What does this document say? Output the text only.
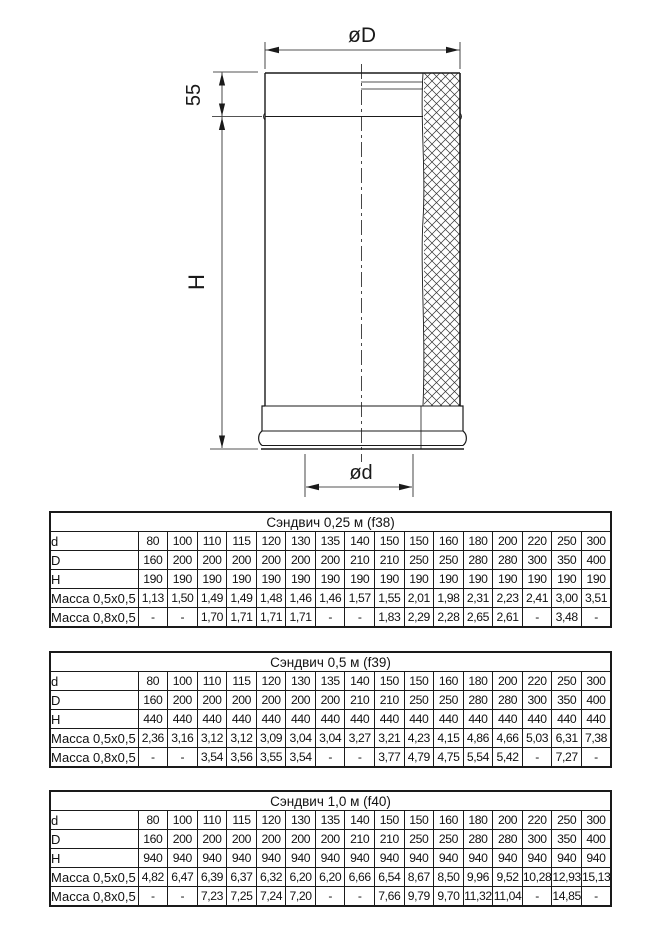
øD
55
H
ød
Сэндвич 0,25 м (f38)																
d	80	100	110	115	120	130	135	140	150	150	160	180	200	220	250	300
D	160	200	200	200	200	200	200	210	210	250	250	280	280	300	350	400
H	190	190	190	190	190	190	190	190	190	190	190	190	190	190	190	190
Масса 0,5x0,5	1,13	1,50	1,49	1,49	1,48	1,46	1,46	1,57	1,55	2,01	1,98	2,31	2,23	2,41	3,00	3,51
Масса 0,8x0,5	-	-	1,70	1,71	1,71	1,71	-	-	1,83	2,29	2,28	2,65	2,61	-	3,48	-
Сэндвич 0,5 м (f39)																
d	80	100	110	115	120	130	135	140	150	150	160	180	200	220	250	300
D	160	200	200	200	200	200	200	210	210	250	250	280	280	300	350	400
H	440	440	440	440	440	440	440	440	440	440	440	440	440	440	440	440
Масса 0,5x0,5	2,36	3,16	3,12	3,12	3,09	3,04	3,04	3,27	3,21	4,23	4,15	4,86	4,66	5,03	6,31	7,38
Масса 0,8x0,5	-	-	3,54	3,56	3,55	3,54	-	-	3,77	4,79	4,75	5,54	5,42	-	7,27	-
Сэндвич 1,0 м (f40)																
d	80	100	110	115	120	130	135	140	150	150	160	180	200	220	250	300
D	160	200	200	200	200	200	200	210	210	250	250	280	280	300	350	400
H	940	940	940	940	940	940	940	940	940	940	940	940	940	940	940	940
Масса 0,5x0,5	4,82	6,47	6,39	6,37	6,32	6,20	6,20	6,66	6,54	8,67	8,50	9,96	9,52	10,28	12,93	15,13
Масса 0,8x0,5	-	-	7,23	7,25	7,24	7,20	-	-	7,66	9,79	9,70	11,32	11,04	-	14,85	-
